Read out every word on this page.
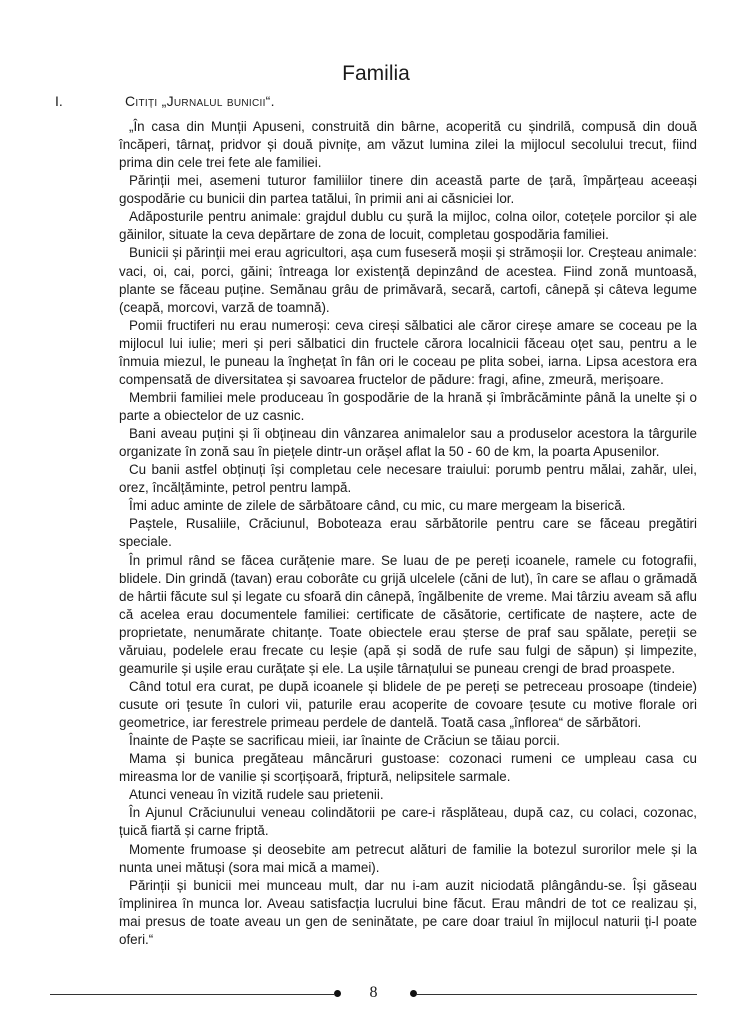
Familia
I.	Citiți „Jurnalul bunicii“.

„În casa din Munții Apuseni, construită din bârne, acoperită cu șindrilă, compusă din două încăperi, târnaț, pridvor și două pivnițe, am văzut lumina zilei la mijlocul secolului trecut, fiind prima din cele trei fete ale familiei.

Părinții mei, asemeni tuturor familiilor tinere din această parte de țară, împărțeau aceeași gospodărie cu bunicii din partea tatălui, în primii ani ai căsniciei lor.

Adăposturile pentru animale: grajdul dublu cu șură la mijloc, colna oilor, cotețele porcilor și ale găinilor, situate la ceva depărtare de zona de locuit, completau gospodăria familiei.

Bunicii și părinții mei erau agricultori, așa cum fuseseră moșii și strămoșii lor. Creșteau animale: vaci, oi, cai, porci, găini; întreaga lor existență depinzând de acestea. Fiind zonă muntoasă, plante se făceau puține. Semănau grâu de primăvară, secară, cartofi, cânepă și câteva legume (ceapă, morcovi, varză de toamnă).

Pomii fructiferi nu erau numeroși: ceva cireși sălbatici ale căror cireșe amare se coceau pe la mijlocul lui iulie; meri și peri sălbatici din fructele cărora localnicii făceau oțet sau, pentru a le înmuia miezul, le puneau la înghețat în fân ori le coceau pe plita sobei, iarna. Lipsa acestora era compensată de diversitatea și savoarea fructelor de pădure: fragi, afine, zmeură, merișoare.

Membrii familiei mele produceau în gospodărie de la hrană și îmbrăcăminte până la unelte și o parte a obiectelor de uz casnic.

Bani aveau puțini și îi obțineau din vânzarea animalelor sau a produselor acestora la târgurile organizate în zonă sau în piețele dintr-un orășel aflat la 50 - 60 de km, la poarta Apusenilor.

Cu banii astfel obținuți își completau cele necesare traiului: porumb pentru mălai, zahăr, ulei, orez, încălțăminte, petrol pentru lampă.

Îmi aduc aminte de zilele de sărbătoare când, cu mic, cu mare mergeam la biserică.

Paștele, Rusaliile, Crăciunul, Boboteaza erau sărbătorile pentru care se făceau pregătiri speciale.

În primul rând se făcea curățenie mare. Se luau de pe pereți icoanele, ramele cu fotografii, blidele. Din grindă (tavan) erau coborâte cu grijă ulcelele (căni de lut), în care se aflau o grămadă de hârtii făcute sul și legate cu sfoară din cânepă, îngălbenite de vreme. Mai târziu aveam să aflu că acelea erau documentele familiei: certificate de căsătorie, certificate de naștere, acte de proprietate, nenumărate chitanțe. Toate obiectele erau șterse de praf sau spălate, pereții se văruiau, podelele erau frecate cu leșie (apă și sodă de rufe sau fulgi de săpun) și limpezite, geamurile și ușile erau curățate și ele. La ușile târnațului se puneau crengi de brad proaspete.

Când totul era curat, pe după icoanele și blidele de pe pereți se petreceau prosoape (tindeie) cusute ori țesute în culori vii, paturile erau acoperite de covoare țesute cu motive florale ori geometrice, iar ferestrele primeau perdele de dantelă. Toată casa „înflorea“ de sărbători.

Înainte de Paște se sacrificau mieii, iar înainte de Crăciun se tăiau porcii.

Mama și bunica pregăteau mâncăruri gustoase: cozonaci rumeni ce umpleau casa cu mireasma lor de vanilie și scorțișoară, friptură, nelipsitele sarmale.

Atunci veneau în vizită rudele sau prietenii.

În Ajunul Crăciunului veneau colindătorii pe care-i răsplăteau, după caz, cu colaci, cozonac, țuică fiartă și carne friptă.

Momente frumoase și deosebite am petrecut alături de familie la botezul surorilor mele și la nunta unei mătuși (sora mai mică a mamei).

Părinții și bunicii mei munceau mult, dar nu i-am auzit niciodată plângându-se. Își găseau împlinirea în munca lor. Aveau satisfacția lucrului bine făcut. Erau mândri de tot ce realizau și, mai presus de toate aveau un gen de seninătate, pe care doar traiul în mijlocul naturii ți-l poate oferi.“

8
